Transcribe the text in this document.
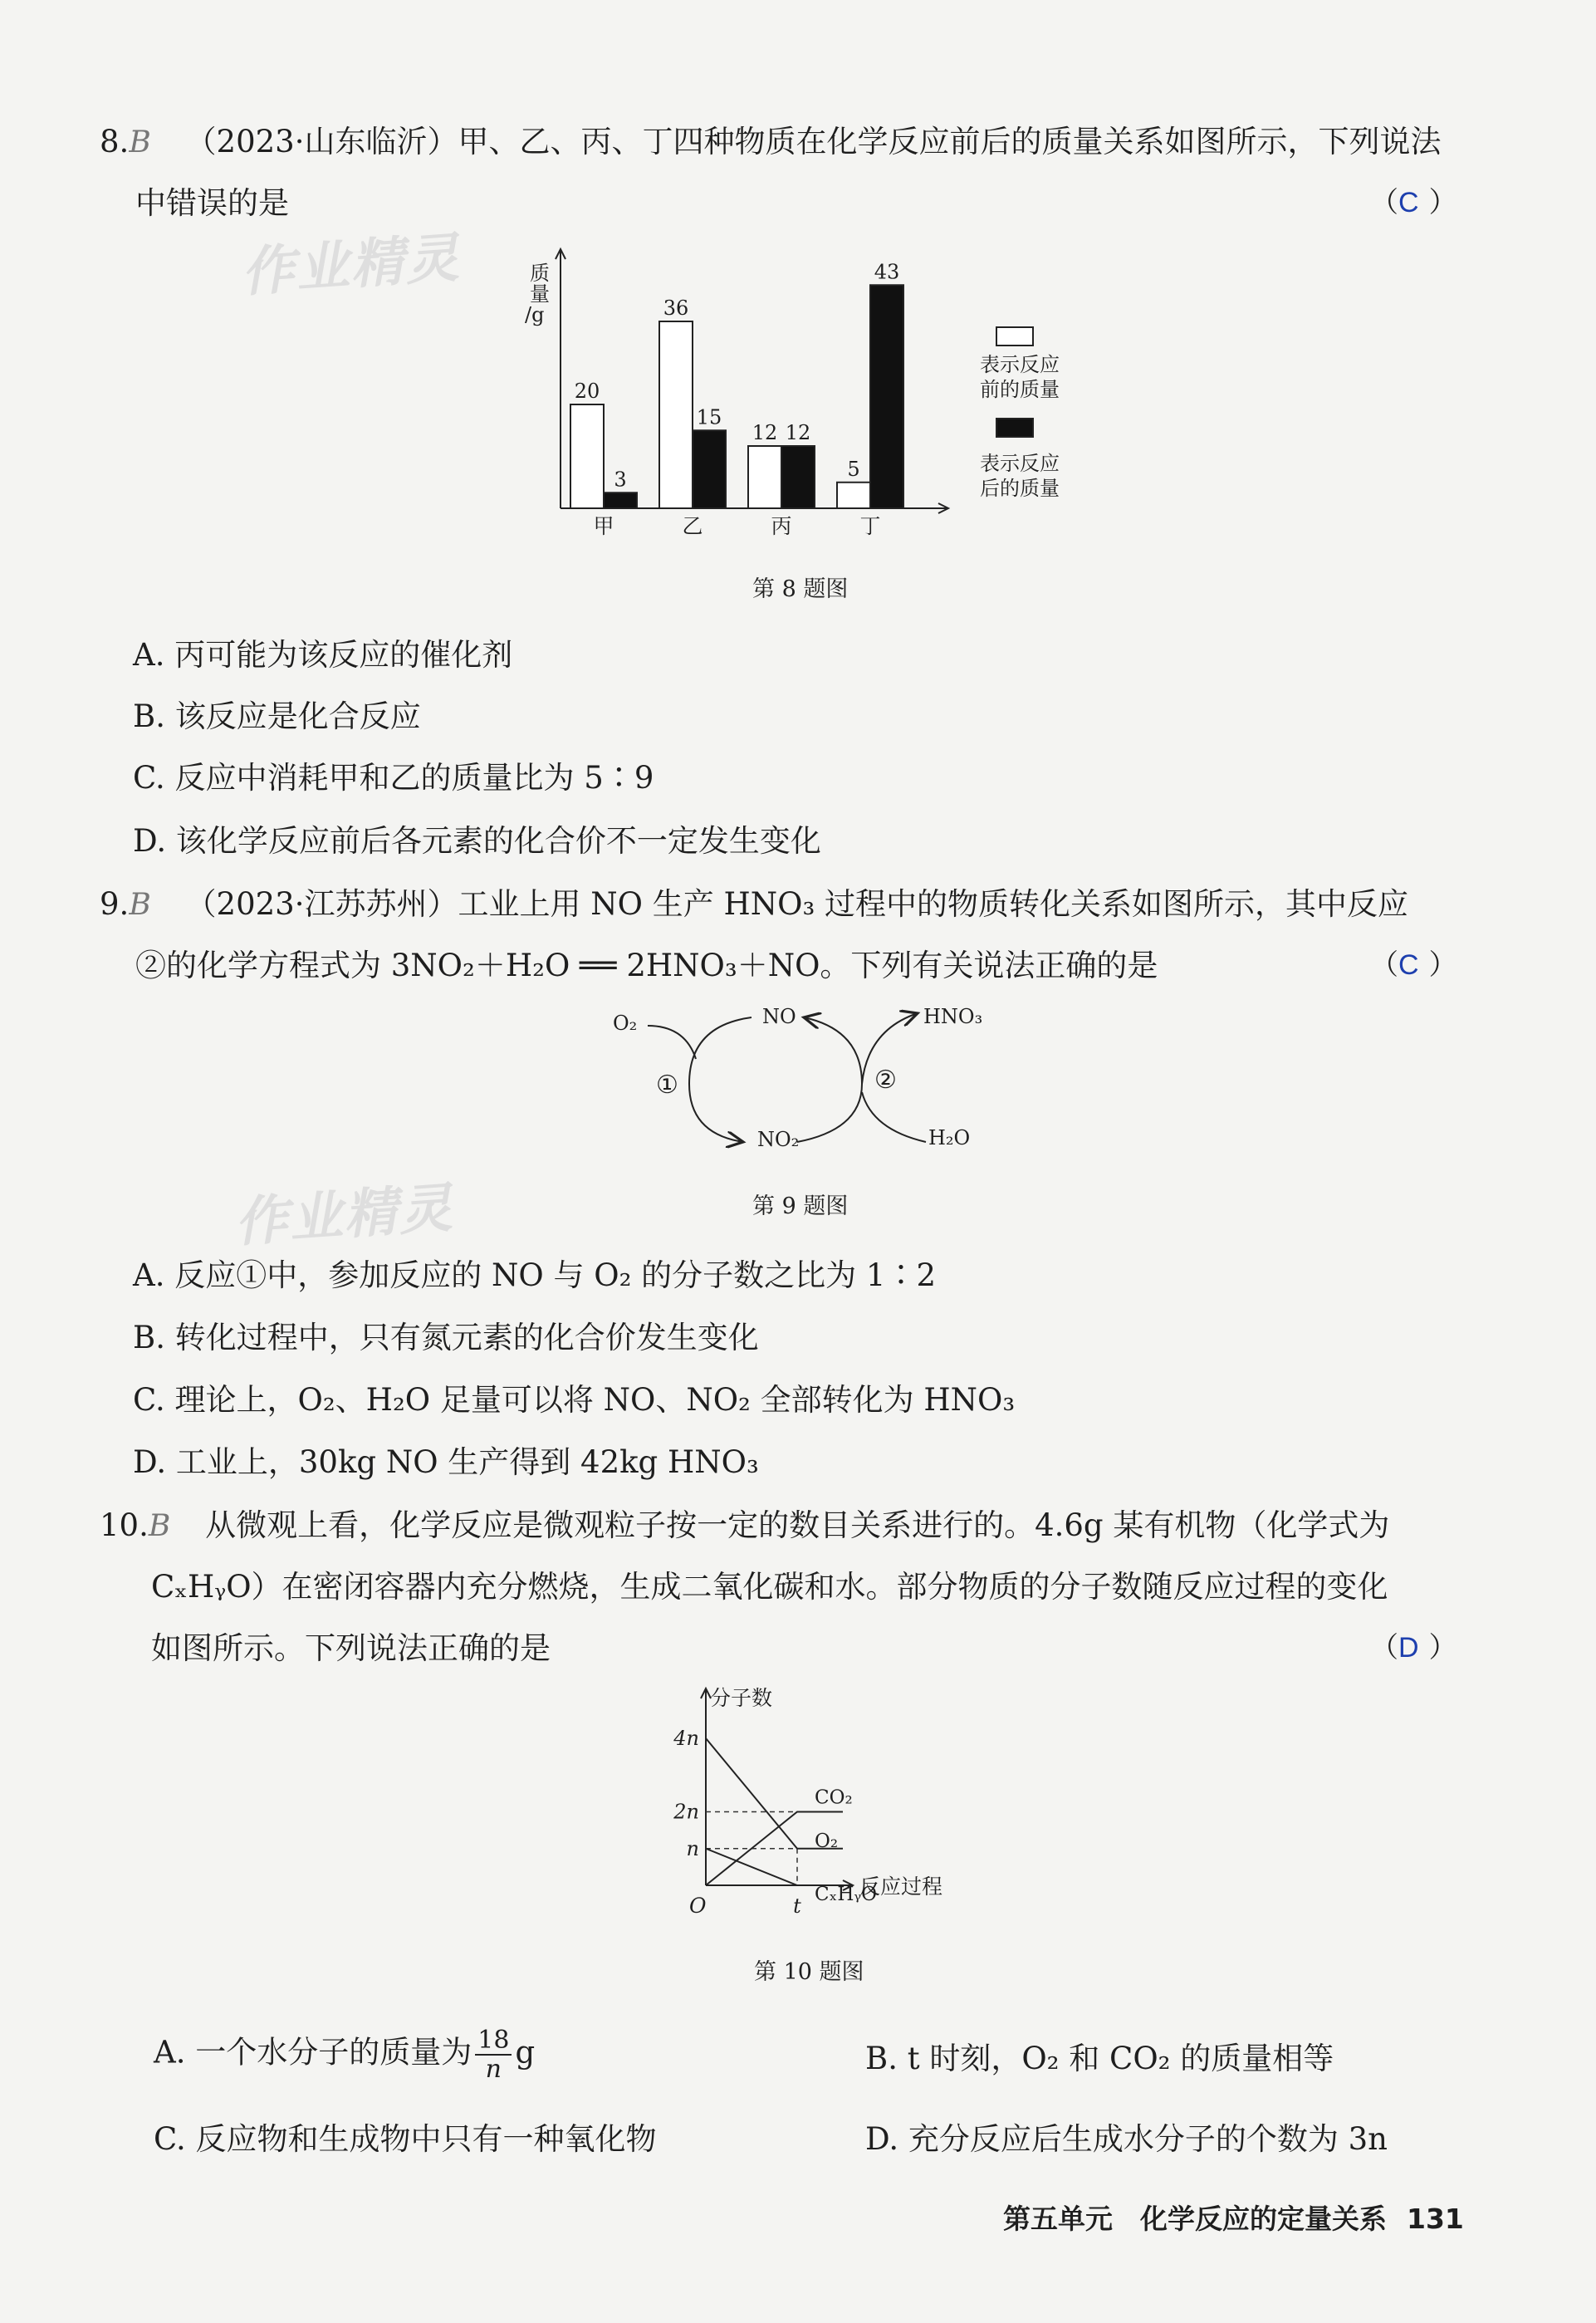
作业精灵
作业精灵
8.B （2023·山东临沂）甲、乙、丙、丁四种物质在化学反应前后的质量关系如图所示，下列说法
中错误的是	（C ）
质
量
/g
20
3
甲
36
15
乙
12 12
丙
5
43
丁
表示反应
前的质量
表示反应
后的质量
第 8 题图
A. 丙可能为该反应的催化剂
B. 该反应是化合反应
C. 反应中消耗甲和乙的质量比为 5∶9
D. 该化学反应前后各元素的化合价不一定发生变化
9.B （2023·江苏苏州）工业上用 NO 生产 HNO₃ 过程中的物质转化关系如图所示，其中反应
②的化学方程式为 3NO₂＋H₂O ══ 2HNO₃＋NO。下列有关说法正确的是	（C ）
O₂	NO	HNO₃
NO₂	H₂O
①	②
第 9 题图
A. 反应①中，参加反应的 NO 与 O₂ 的分子数之比为 1∶2
B. 转化过程中，只有氮元素的化合价发生变化
C. 理论上，O₂、H₂O 足量可以将 NO、NO₂ 全部转化为 HNO₃
D. 工业上，30kg NO 生产得到 42kg HNO₃
10.B 从微观上看，化学反应是微观粒子按一定的数目关系进行的。4.6g 某有机物（化学式为
CₓHᵧO）在密闭容器内充分燃烧，生成二氧化碳和水。部分物质的分子数随反应过程的变化
如图所示。下列说法正确的是	（D ）
分子数
反应过程
O
n
2n
4n
t
CO₂
O₂
CₓHᵧO
第 10 题图
A. 一个水分子的质量为 $\frac{18}{n}$ g	B. t 时刻，O₂ 和 CO₂ 的质量相等
C. 反应物和生成物中只有一种氧化物	D. 充分反应后生成水分子的个数为 3n
第五单元　化学反应的定量关系 131
